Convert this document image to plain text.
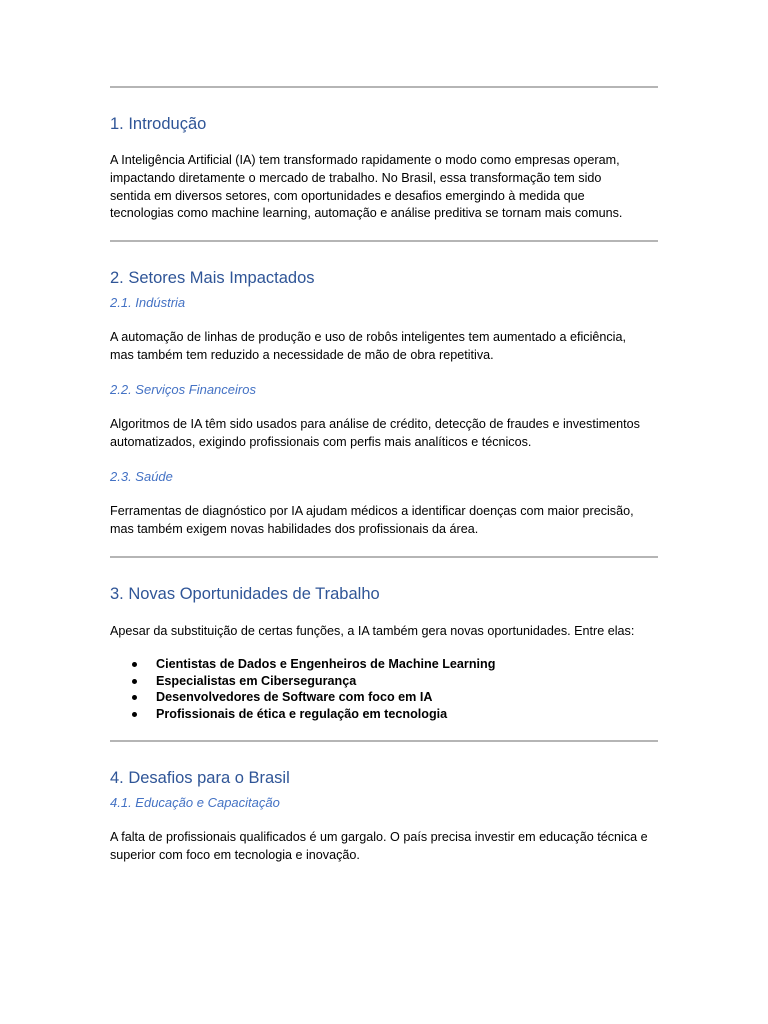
1. Introdução

A Inteligência Artificial (IA) tem transformado rapidamente o modo como empresas operam,
impactando diretamente o mercado de trabalho. No Brasil, essa transformação tem sido
sentida em diversos setores, com oportunidades e desafios emergindo à medida que
tecnologias como machine learning, automação e análise preditiva se tornam mais comuns.

2. Setores Mais Impactados
2.1. Indústria

A automação de linhas de produção e uso de robôs inteligentes tem aumentado a eficiência,
mas também tem reduzido a necessidade de mão de obra repetitiva.

2.2. Serviços Financeiros

Algoritmos de IA têm sido usados para análise de crédito, detecção de fraudes e investimentos
automatizados, exigindo profissionais com perfis mais analíticos e técnicos.

2.3. Saúde

Ferramentas de diagnóstico por IA ajudam médicos a identificar doenças com maior precisão,
mas também exigem novas habilidades dos profissionais da área.

3. Novas Oportunidades de Trabalho

Apesar da substituição de certas funções, a IA também gera novas oportunidades. Entre elas:

Cientistas de Dados e Engenheiros de Machine Learning
Especialistas em Cibersegurança
Desenvolvedores de Software com foco em IA
Profissionais de ética e regulação em tecnologia
4. Desafios para o Brasil
4.1. Educação e Capacitação

A falta de profissionais qualificados é um gargalo. O país precisa investir em educação técnica e
superior com foco em tecnologia e inovação.
